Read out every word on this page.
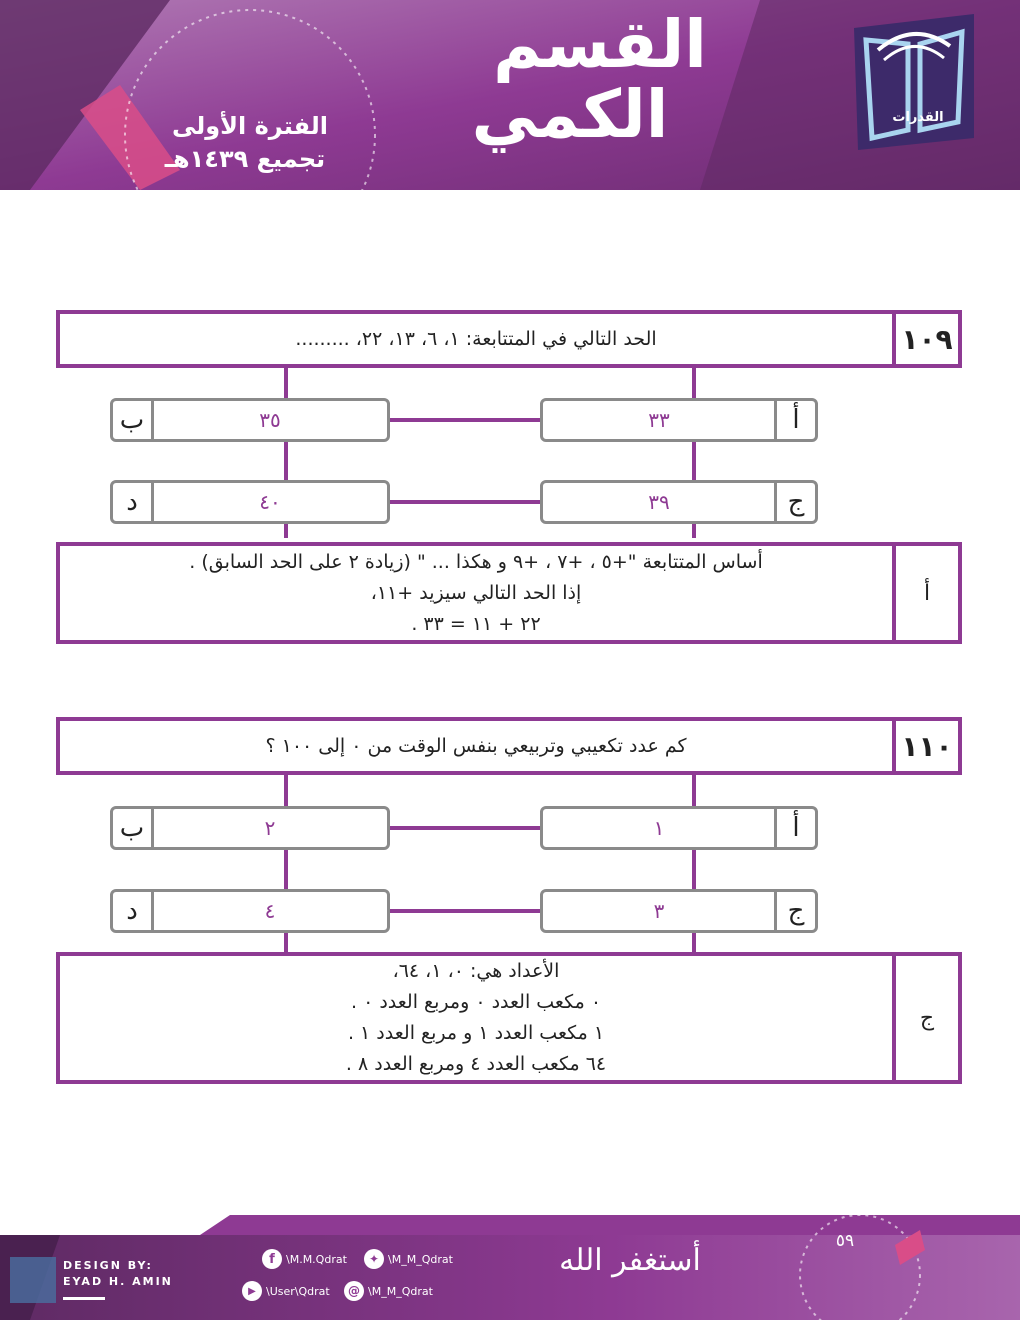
القسم
الكمي
الفترة الأولى
تجميع ١٤٣٩هـ
القدرات
الحد التالي في المتتابعة: ١، ٦، ١٣، ٢٢، .........	١٠٩
٣٣	أ
٣٥
ب
٣٩	ج
٤٠
د
أساس المتتابعة "+٥ ، +٧ ، +٩ و هكذا ... " (زيادة ٢ على الحد السابق) .
إذا الحد التالي سيزيد +١١،
٢٢ + ١١ = ٣٣ .
أ
كم عدد تكعيبي وتربيعي بنفس الوقت من ٠ إلى ١٠٠ ؟	١١٠
١	أ
٢
ب
٣	ج
٤
د
الأعداد هي: ٠، ١، ٦٤،
٠ مكعب العدد ٠ ومربع العدد ٠ .
١ مكعب العدد ١ و مربع العدد ١ .
٦٤ مكعب العدد ٤ ومربع العدد ٨ .
ج
DESIGN BY:
EYAD H. AMIN
f	\M.M.Qdrat	✦ \M_M_Qdrat
▶ \User\Qdrat	@ \M_M_Qdrat
أستغفر الله
٥٩
